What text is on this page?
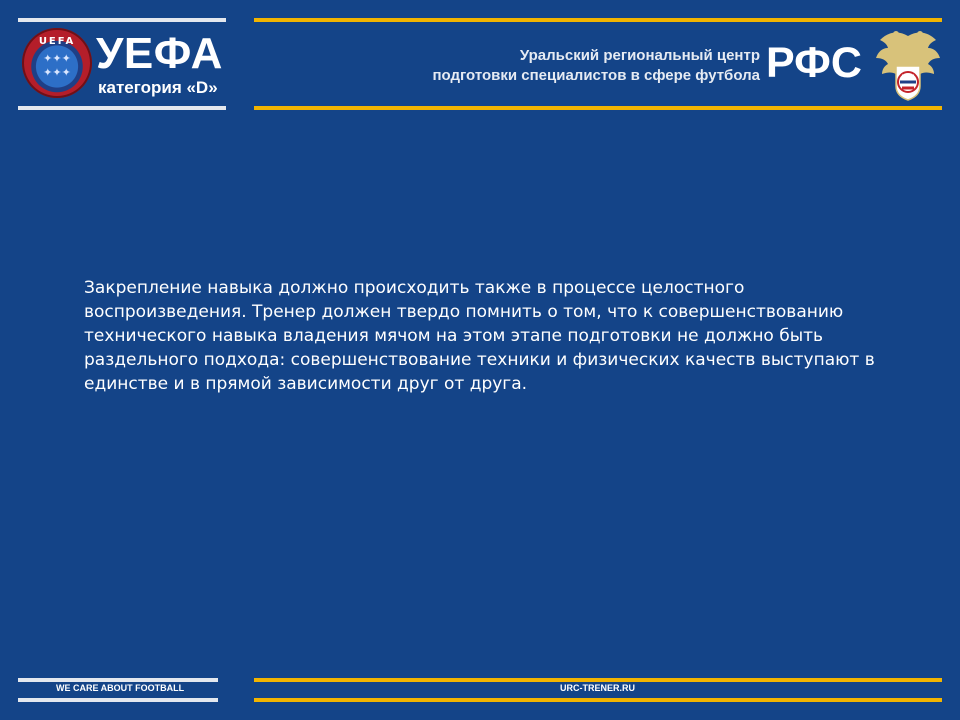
UEFA
✦✦✦
✦✦✦ УЕФА
категория «D»
Уральский региональный центр
подготовки специалистов в сфере футбола РФС
Закрепление навыка должно происходить также в процессе целостного воспроизведения. Тренер должен твердо помнить о том, что к совершенствованию технического навыка владения мячом на этом этапе подготовки не должно быть раздельного подхода: совершенствование техники и физических качеств выступают в единстве и в прямой зависимости друг от друга.
WE CARE ABOUT FOOTBALL	URC-TRENER.RU
